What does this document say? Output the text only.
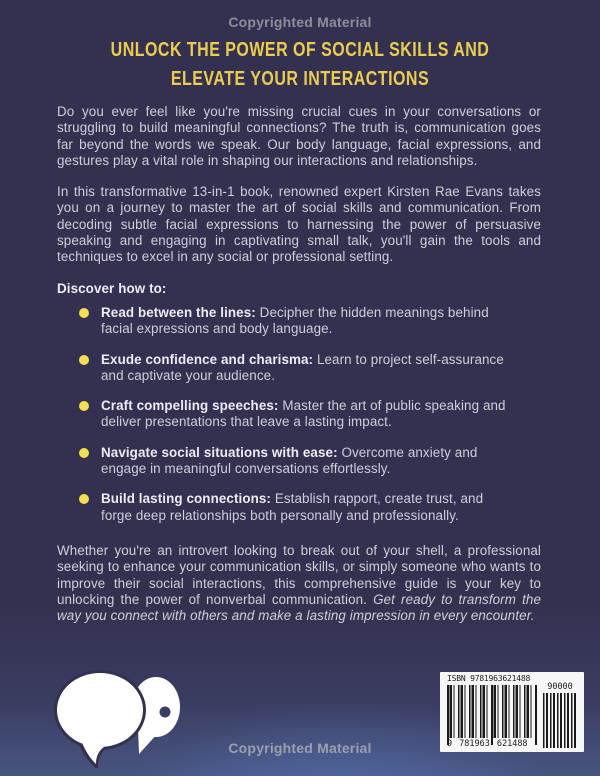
Copyrighted Material
UNLOCK THE POWER OF SOCIAL SKILLS AND
ELEVATE YOUR INTERACTIONS

Do you ever feel like you're missing crucial cues in your conversations or struggling to build meaningful connections? The truth is, communication goes far beyond the words we speak. Our body language, facial expressions, and gestures play a vital role in shaping our interactions and relationships.

In this transformative 13-in-1 book, renowned expert Kirsten Rae Evans takes you on a journey to master the art of social skills and communication. From decoding subtle facial expressions to harnessing the power of persuasive speaking and engaging in captivating small talk, you'll gain the tools and techniques to excel in any social or professional setting.

Discover how to:

Read between the lines: Decipher the hidden meanings behind facial expressions and body language.
Exude confidence and charisma: Learn to project self-assurance and captivate your audience.
Craft compelling speeches: Master the art of public speaking and deliver presentations that leave a lasting impact.
Navigate social situations with ease: Overcome anxiety and engage in meaningful conversations effortlessly.
Build lasting connections: Establish rapport, create trust, and forge deep relationships both personally and professionally.

Whether you're an introvert looking to break out of your shell, a professional seeking to enhance your communication skills, or simply someone who wants to improve their social interactions, this comprehensive guide is your key to unlocking the power of nonverbal communication. Get ready to transform the way you connect with others and make a lasting impression in every encounter.

Copyrighted Material
ISBN 9781963621488
9 781963 621488
90000
